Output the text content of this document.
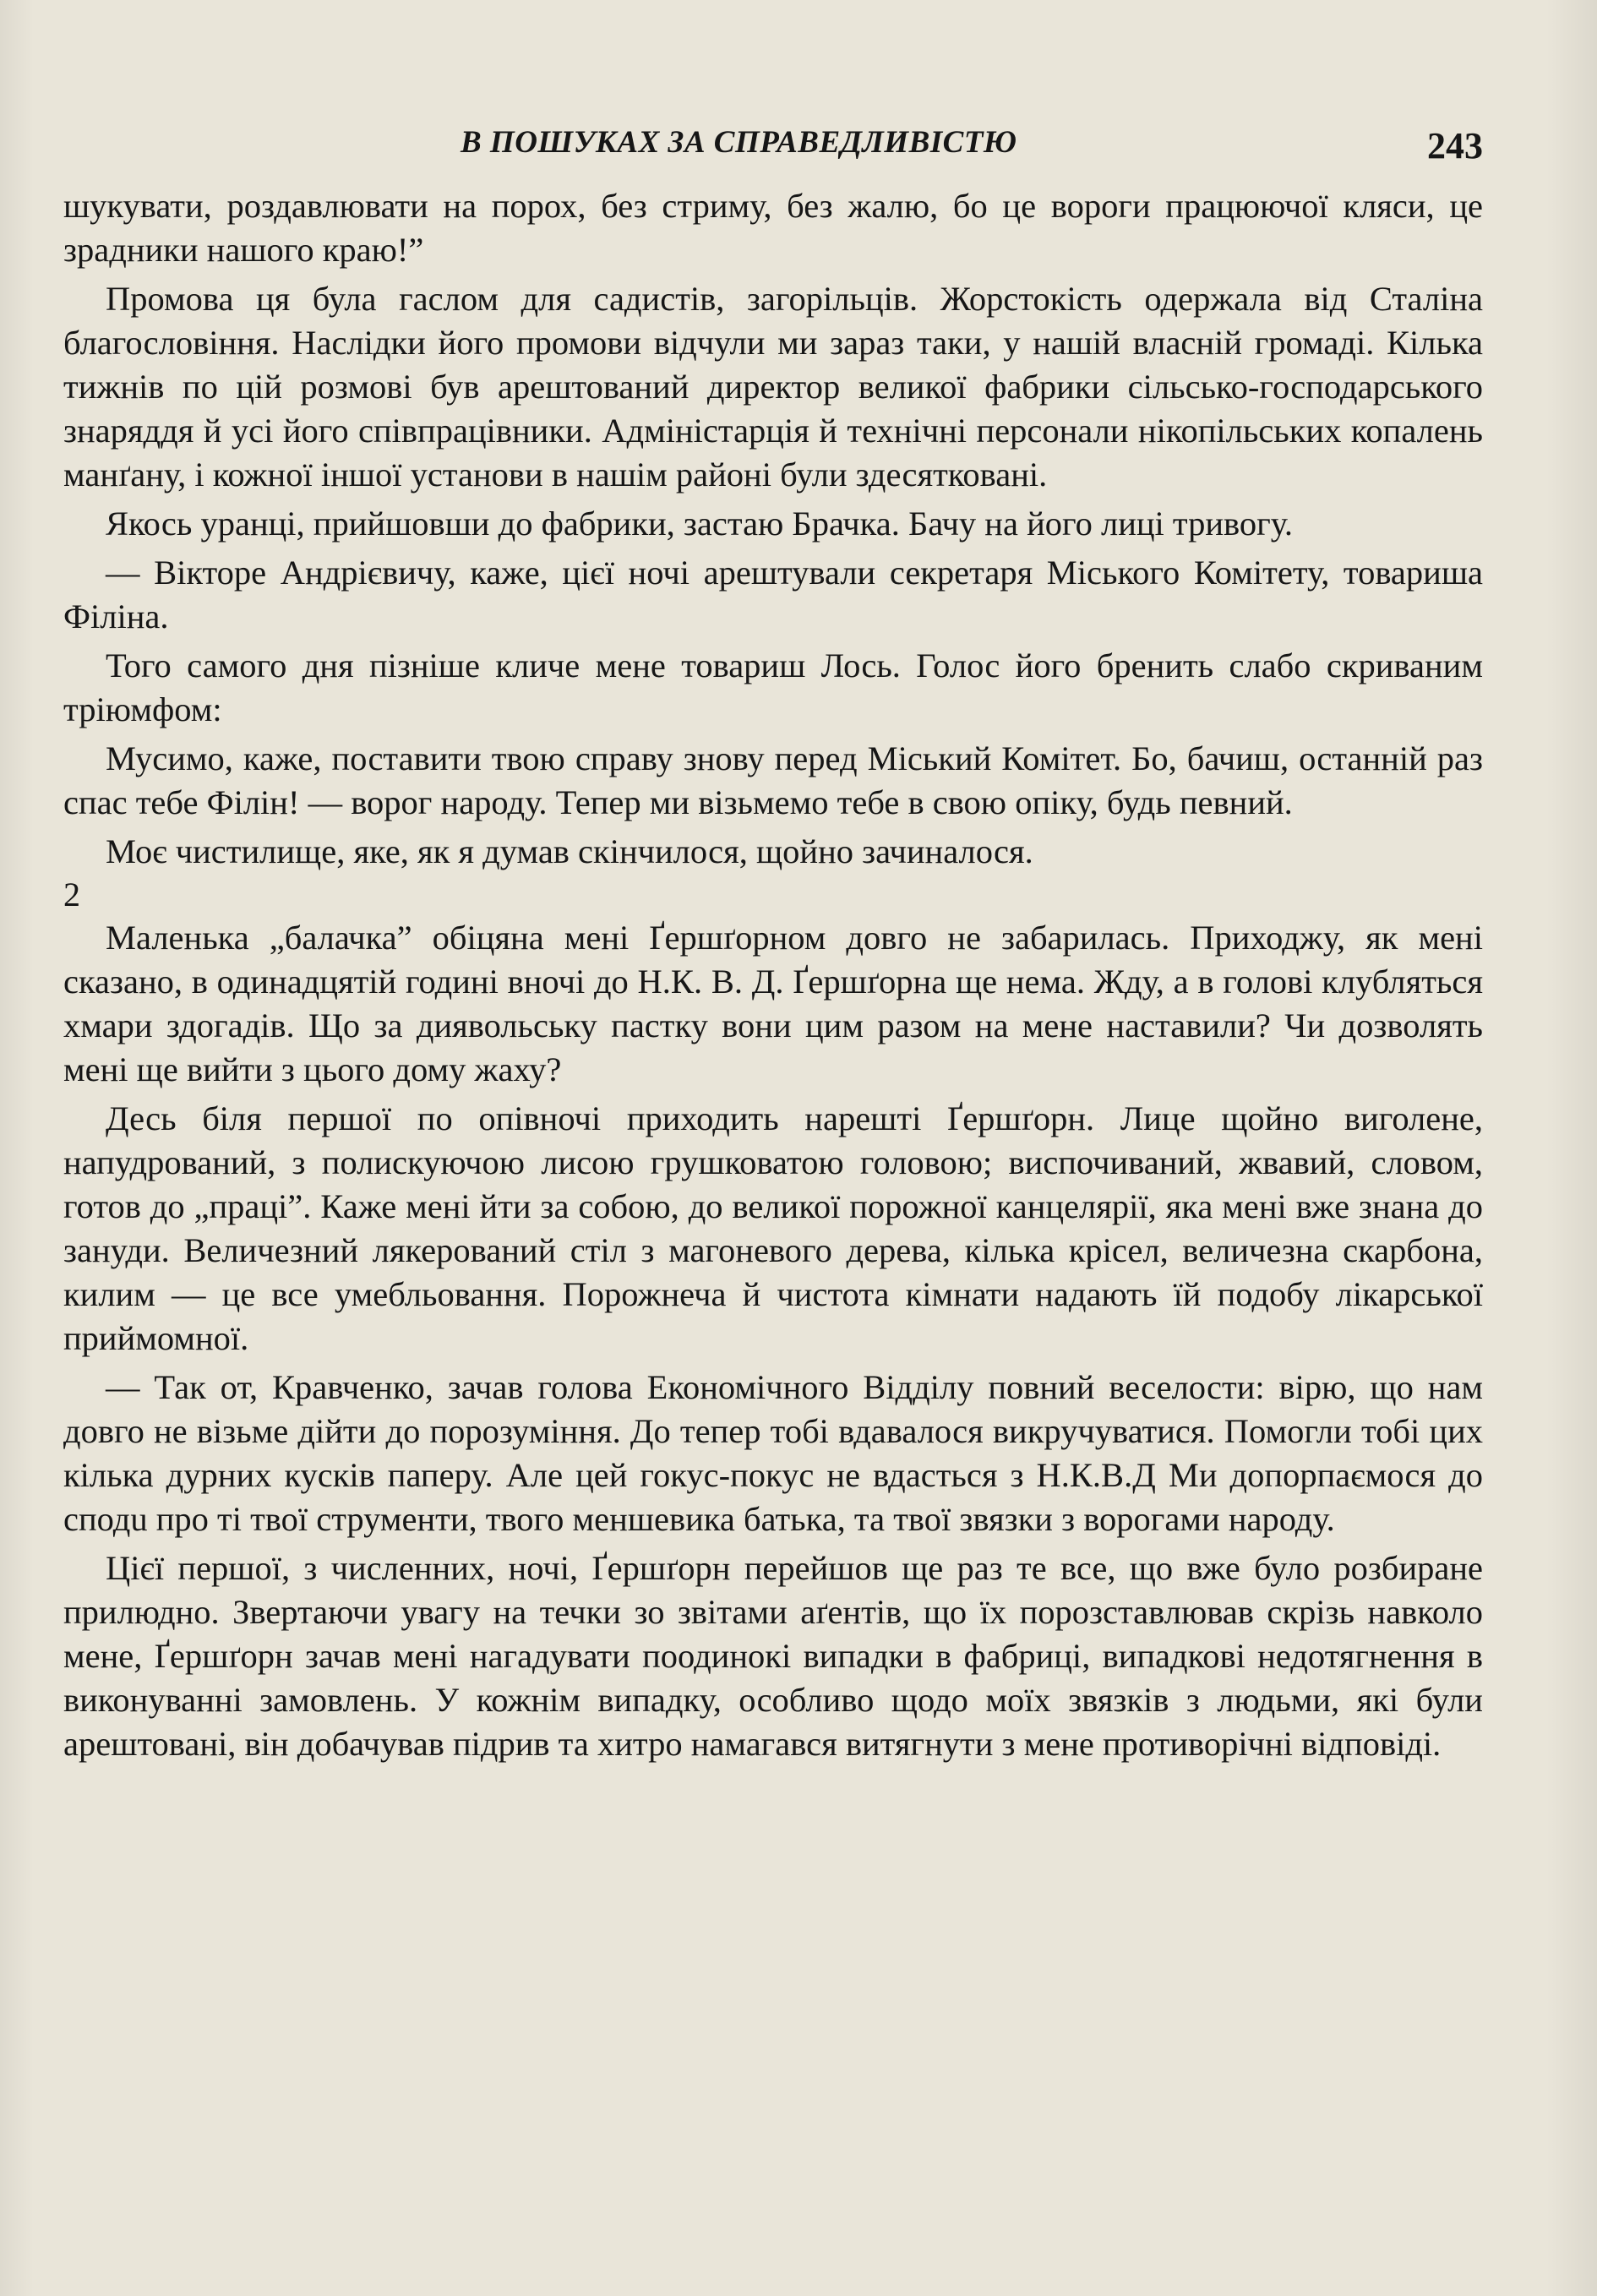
В ПОШУКАХ ЗА СПРАВЕДЛИВІСТЮ	243

шукувати, роздавлювати на порох, без стриму, без жалю, бо це вороги працюючої кляси, це зрадники нашого краю!”

Промова ця була гаслом для садистів, загорільців. Жорстокість одержала від Сталіна благословіння. Наслідки його промови відчули ми зараз таки, у нашій власній громаді. Кілька тижнів по цій розмові був арештований директор великої фабрики сільсько-господарського знаряддя й усі його співпрацівники. Адміністарція й технічні персонали нікопільських копалень манґану, і кожної іншої установи в нашім районі були здесятковані.

Якось уранці, прийшовши до фабрики, застаю Брачка. Бачу на його лиці тривогу.

— Вікторе Андрієвичу, каже, цієї ночі арештували секретаря Міського Комітету, товариша Філіна.

Того самого дня пізніше кличе мене товариш Лось. Голос його бренить слабо скриваним тріюмфом:

Мусимо, каже, поставити твою справу знову перед Міський Комітет. Бо, бачиш, останній раз спас тебе Філін! — ворог народу. Тепер ми візьмемо тебе в свою опіку, будь певний.

Моє чистилище, яке, як я думав скінчилося, щойно зачиналося.

2

Маленька „балачка” обіцяна мені Ґершґорном довго не забарилась. Приходжу, як мені сказано, в одинадцятій годині вночі до Н.К. В. Д. Ґершґорна ще нема. Жду, а в голові клубляться хмари здогадів. Що за диявольську пастку вони цим разом на мене наставили? Чи дозволять мені ще вийти з цього дому жаху?

Десь біля першої по опівночі приходить нарешті Ґершґорн. Лице щойно виголене, напудрований, з полискуючою лисою грушковатою головою; виспочиваний, жвавий, словом, готов до „праці”. Каже мені йти за собою, до великої порожної канцелярії, яка мені вже знана до зануди. Величезний лякерований стіл з магоневого дерева, кілька крісел, величезна скарбона, килим — це все умебльовання. Порожнеча й чистота кімнати надають їй подобу лікарської приймомної.

— Так от, Кравченко, зачав голова Економічного Відділу повний веселости: вірю, що нам довго не візьме дійти до порозуміння. До тепер тобі вдавалося викручуватися. Помогли тобі цих кілька дурних кусків паперу. Але цей гокус-покус не вдасться з Н.К.В.Д Ми допорпаємося до сподu про ті твої струменти, твого меншевика батька, та твої звязки з ворогами народу.

Цієї першої, з численних, ночі, Ґершґорн перейшов ще раз те все, що вже було розбиране прилюдно. Звертаючи увагу на течки зо звітами аґентів, що їх порозставлював скрізь навколо мене, Ґершґорн зачав мені нагадувати поодинокі випадки в фабриці, випадкові недотягнення в виконуванні замовлень. У кожнім випадку, особливо щодо моїх звязків з людьми, які були арештовані, він добачував підрив та хитро намагався витягнути з мене противорічні відповіді.
